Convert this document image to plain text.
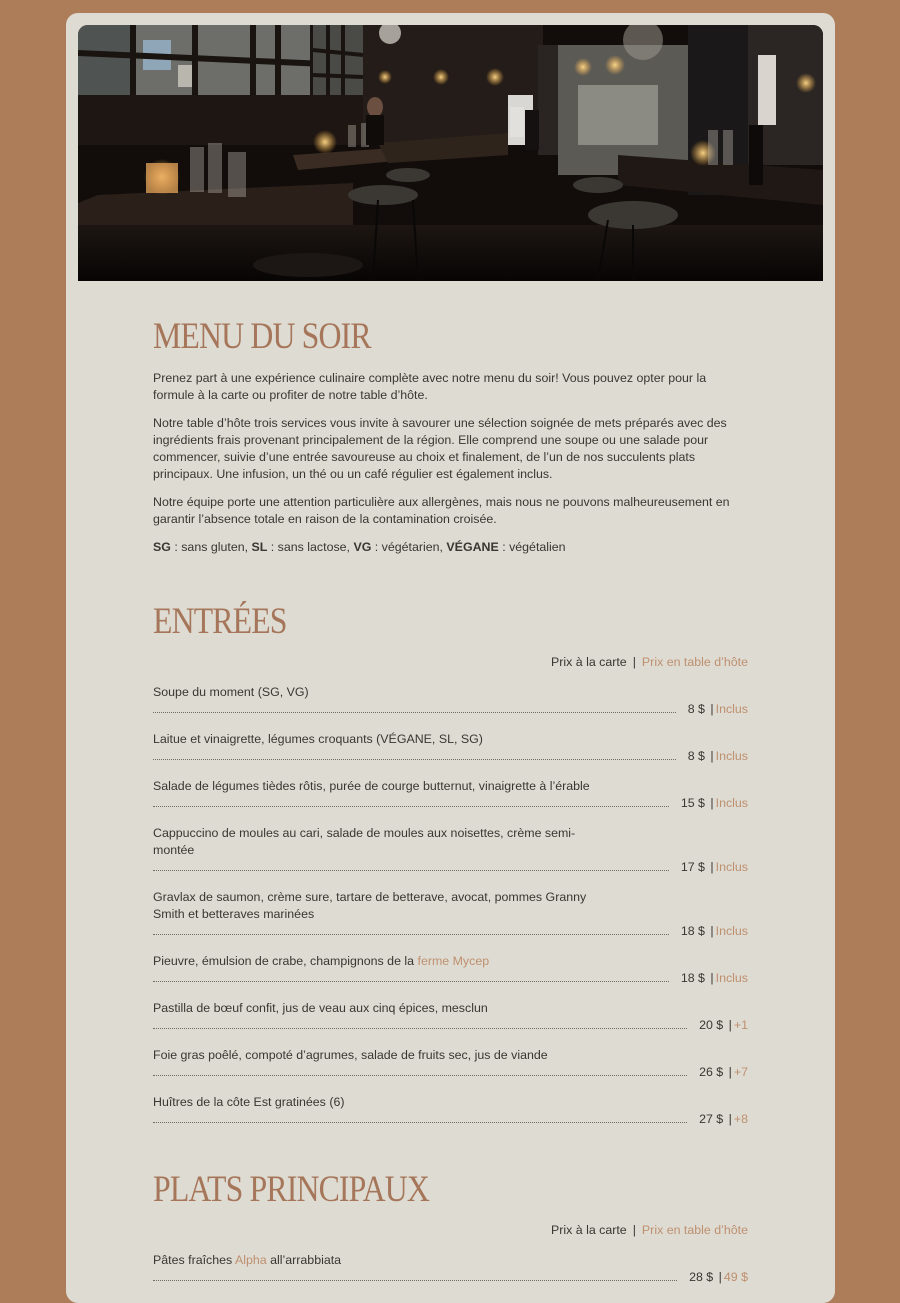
MENU DU SOIR

Prenez part à une expérience culinaire complète avec notre menu du soir! Vous pouvez opter pour la formule à la carte ou profiter de notre table d’hôte.

Notre table d’hôte trois services vous invite à savourer une sélection soignée de mets préparés avec des ingrédients frais provenant principalement de la région. Elle comprend une soupe ou une salade pour commencer, suivie d’une entrée savoureuse au choix et finalement, de l’un de nos succulents plats principaux. Une infusion, un thé ou un café régulier est également inclus.

Notre équipe porte une attention particulière aux allergènes, mais nous ne pouvons malheureusement en garantir l’absence totale en raison de la contamination croisée.

SG : sans gluten, SL : sans lactose, VG : végétarien, VÉGANE : végétalien
ENTRÉES
Prix à la carte | Prix en table d’hôte
Soupe du moment (SG, VG)
8 $ | Inclus
Laitue et vinaigrette, légumes croquants (VÉGANE, SL, SG)
8 $ | Inclus
Salade de légumes tièdes rôtis, purée de courge butternut, vinaigrette à l’érable
15 $ | Inclus
Cappuccino de moules au cari, salade de moules aux noisettes, crème semi-montée
17 $ | Inclus
Gravlax de saumon, crème sure, tartare de betterave, avocat, pommes Granny Smith et betteraves marinées
18 $ | Inclus
Pieuvre, émulsion de crabe, champignons de la ferme Mycep
18 $ | Inclus
Pastilla de bœuf confit, jus de veau aux cinq épices, mesclun
20 $ | +1
Foie gras poêlé, compoté d’agrumes, salade de fruits sec, jus de viande
26 $ | +7
Huîtres de la côte Est gratinées (6)
27 $ | +8
PLATS PRINCIPAUX
Prix à la carte | Prix en table d’hôte
Pâtes fraîches Alpha all’arrabbiata
28 $ | 49 $
